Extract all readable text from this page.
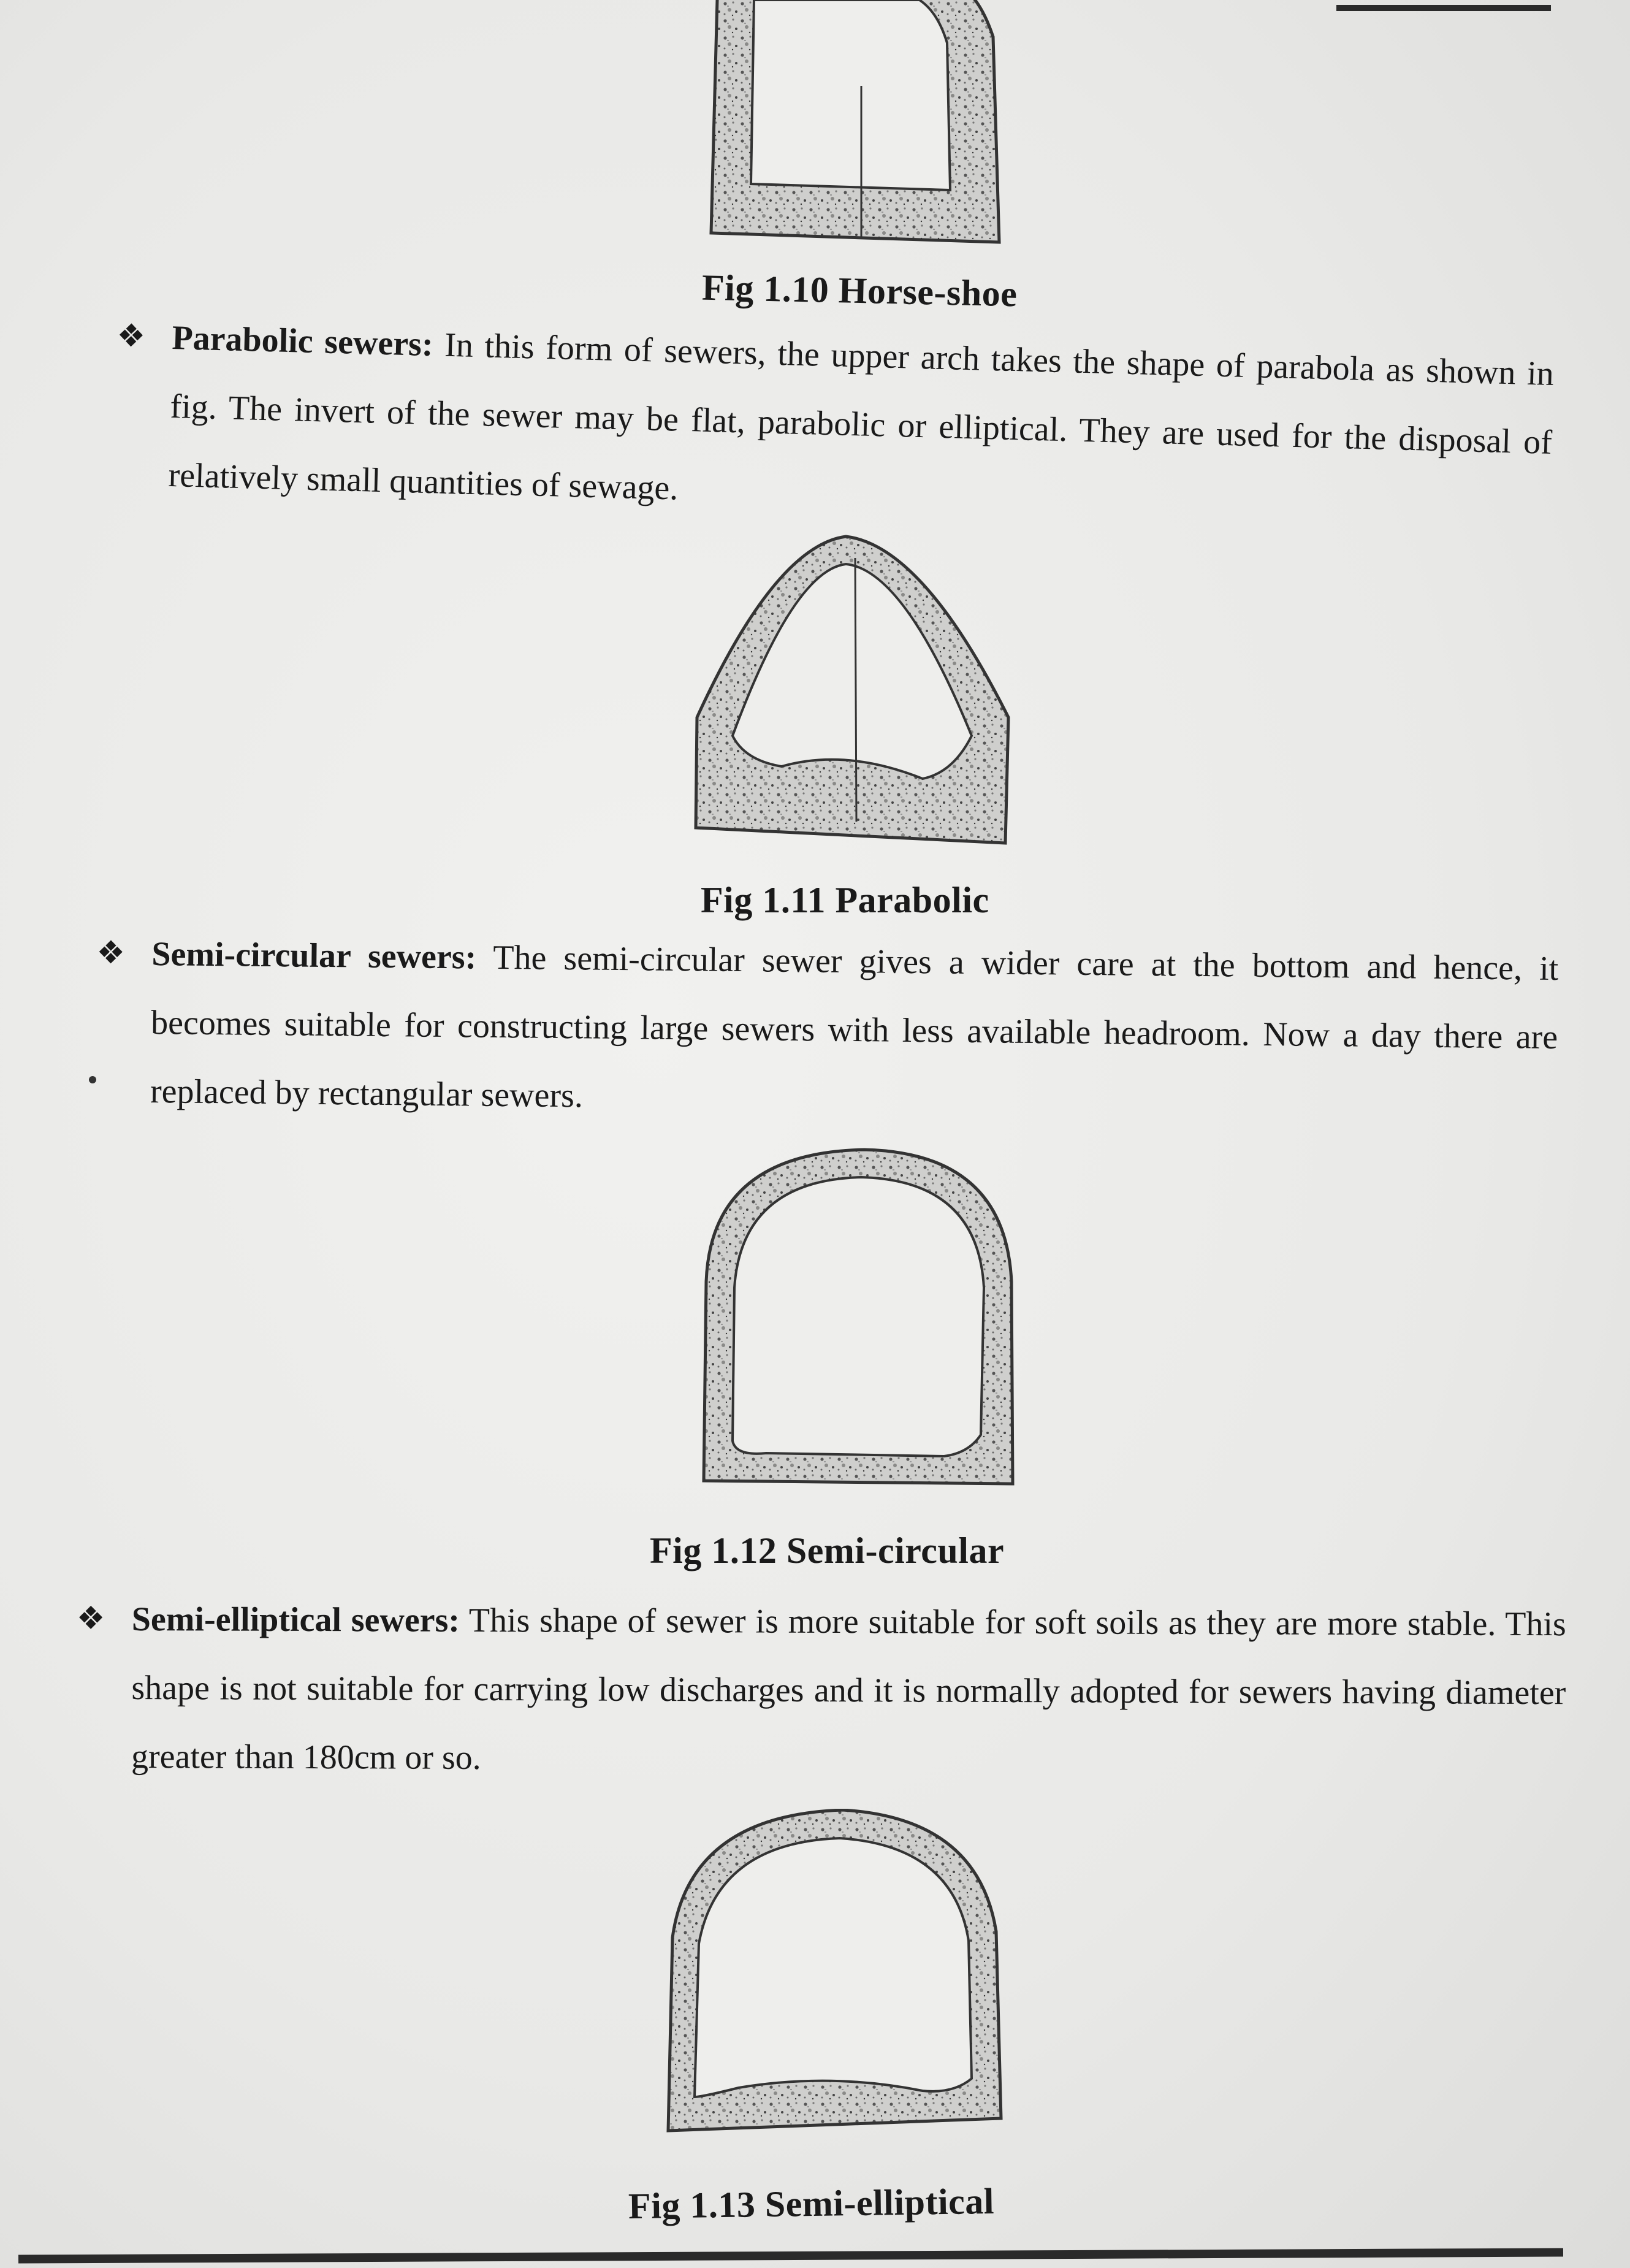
Fig 1.10 Horse-shoe
❖ Parabolic sewers: In this form of sewers, the upper arch takes the shape of parabola as shown in fig. The invert of the sewer may be flat, parabolic or elliptical. They are used for the disposal of relatively small quantities of sewage.
Fig 1.11 Parabolic
❖ Semi-circular sewers: The semi-circular sewer gives a wider care at the bottom and hence, it becomes suitable for constructing large sewers with less available headroom. Now a day there are replaced by rectangular sewers.
Fig 1.12 Semi-circular
❖ Semi-elliptical sewers: This shape of sewer is more suitable for soft soils as they are more stable. This shape is not suitable for carrying low discharges and it is normally adopted for sewers having diameter greater than 180cm or so.
Fig 1.13 Semi-elliptical
